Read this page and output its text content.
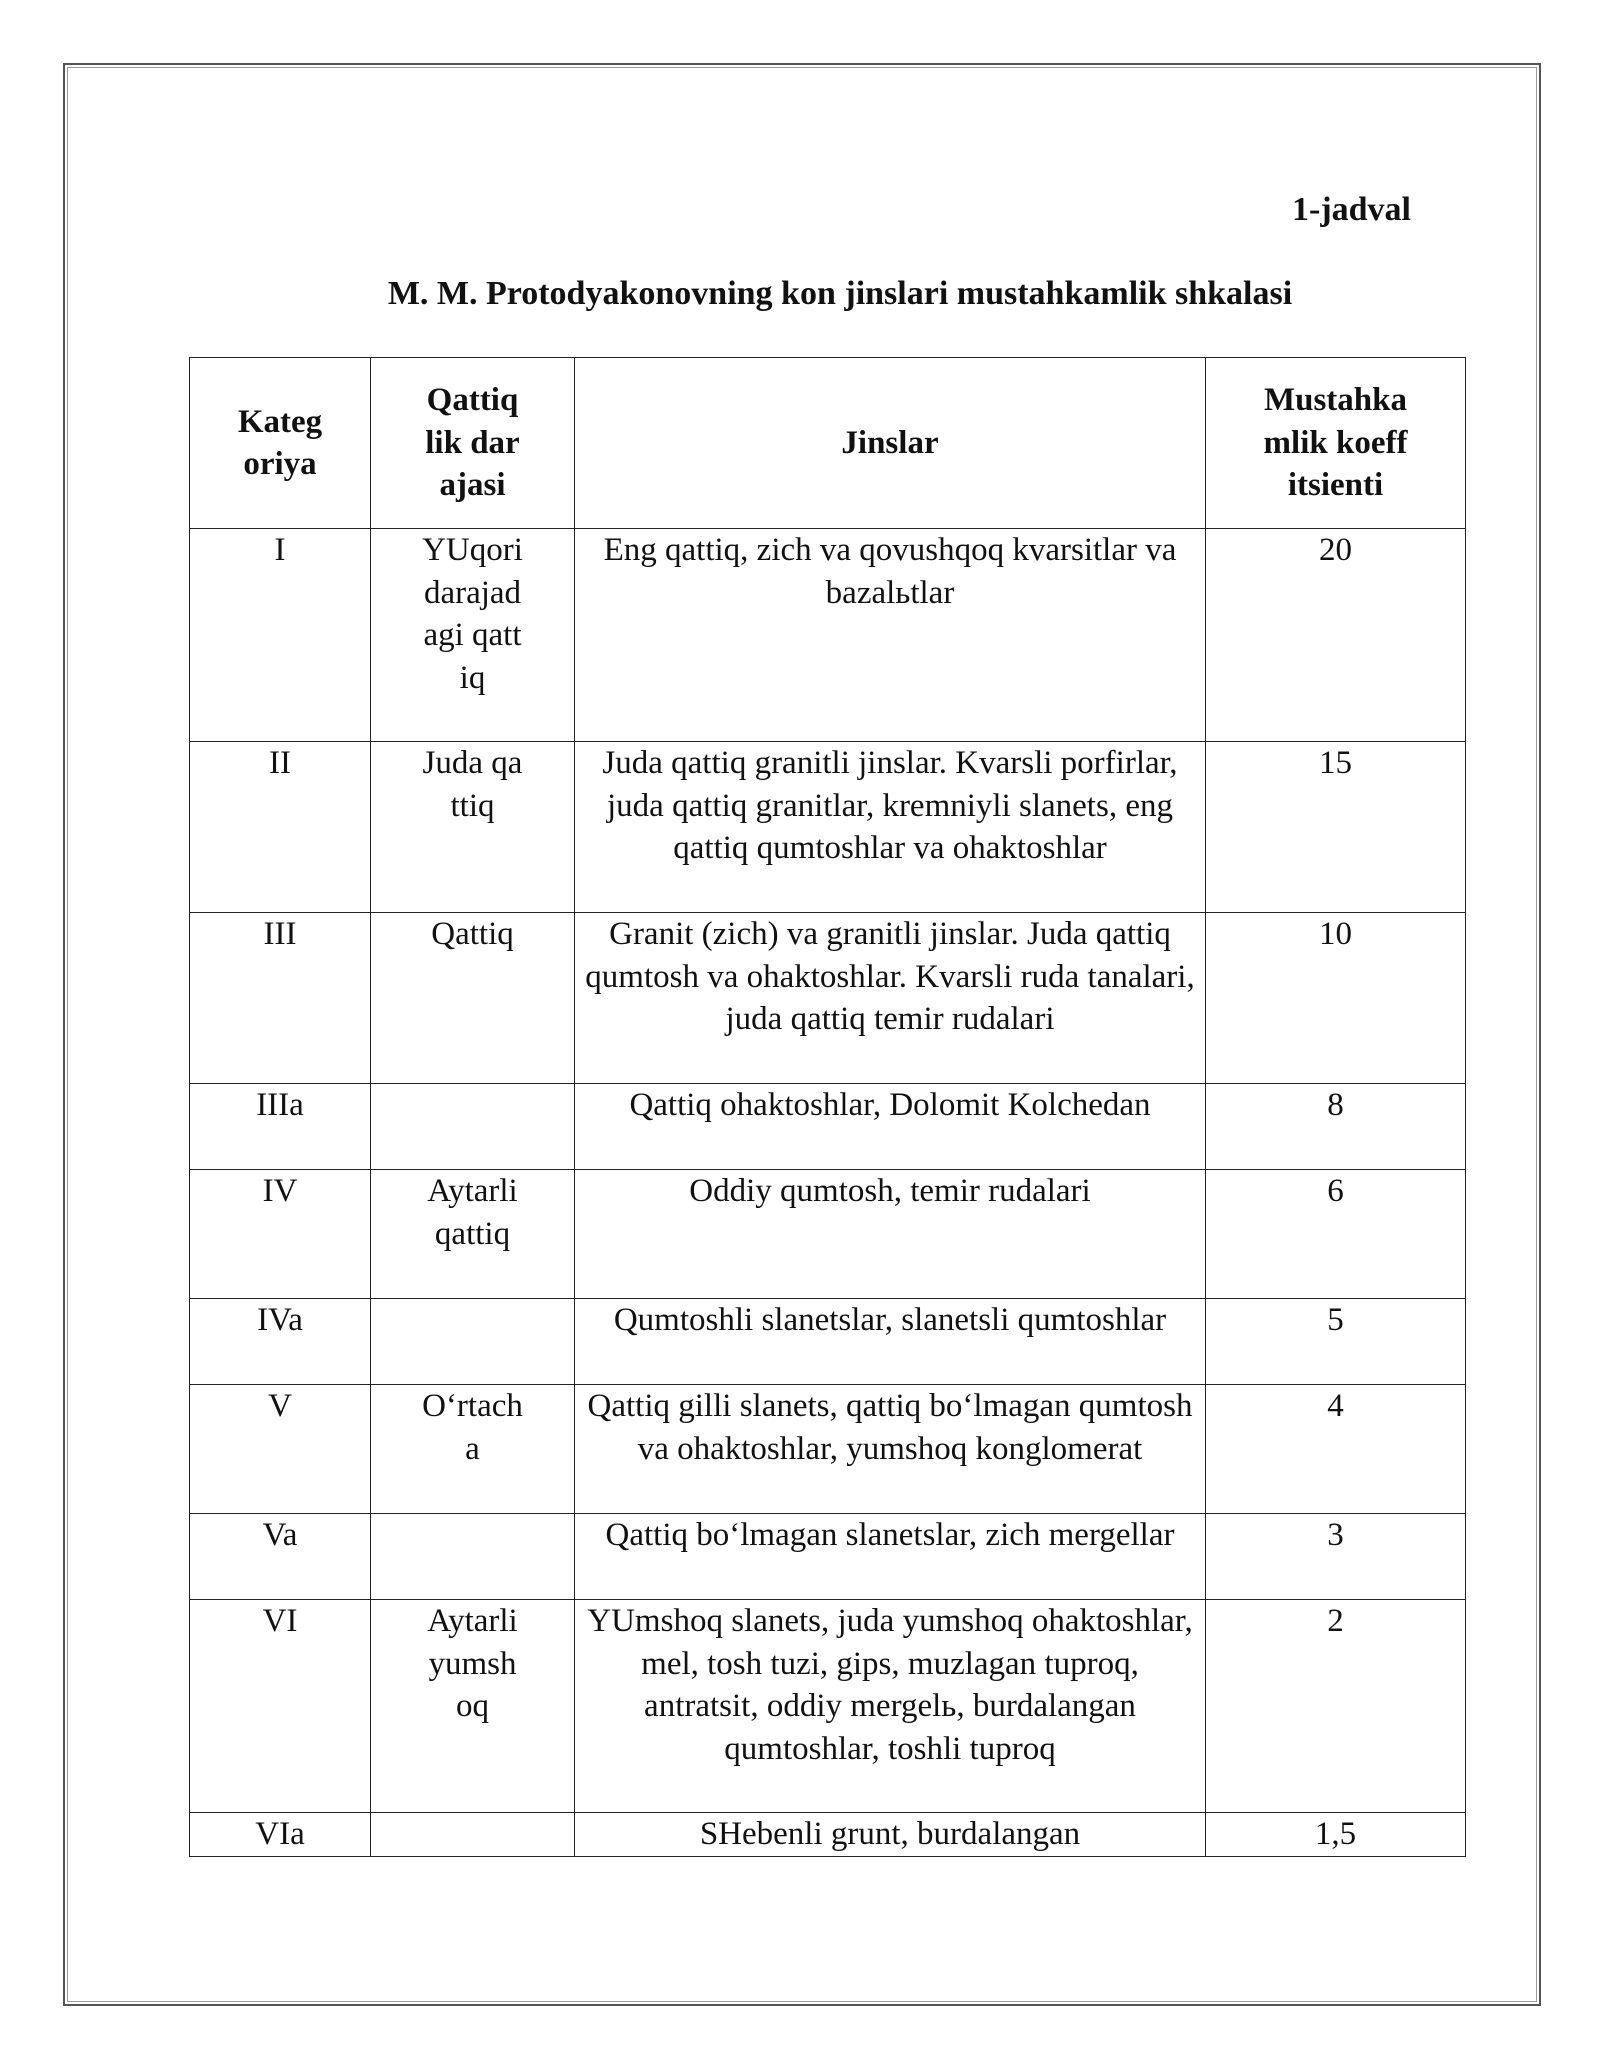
1-jadval
M. M. Protodyakonovning kon jinslari mustahkamlik shkalasi
Kategoriya	Qattiqlik darajasi	Jinslar	Mustahkamlik koeffitsienti
I	YUqori darajadagi qattiq	Eng qattiq, zich va qovushqoq kvarsitlar va bazalьtlar	20
II	Juda qattiq	Juda qattiq granitli jinslar. Kvarsli porfirlar, juda qattiq granitlar, kremniyli slanets, eng qattiq qumtoshlar va ohaktoshlar	15
III	Qattiq	Granit (zich) va granitli jinslar. Juda qattiq qumtosh va ohaktoshlar. Kvarsli ruda tanalari, juda qattiq temir rudalari	10
IIIa		Qattiq ohaktoshlar, Dolomit Kolchedan	8
IV	Aytarli qattiq	Oddiy qumtosh, temir rudalari	6
IVa		Qumtoshli slanetslar, slanetsli qumtoshlar	5
V	O‘rtacha	Qattiq gilli slanets, qattiq bo‘lmagan qumtosh va ohaktoshlar, yumshoq konglomerat	4
Va		Qattiq bo‘lmagan slanetslar, zich mergellar	3
VI	Aytarli yumshoq	YUmshoq slanets, juda yumshoq ohaktoshlar, mel, tosh tuzi, gips, muzlagan tuproq, antratsit, oddiy mergelь, burdalangan qumtoshlar, toshli tuproq	2
VIa		SHebenli grunt, burdalangan	1,5
